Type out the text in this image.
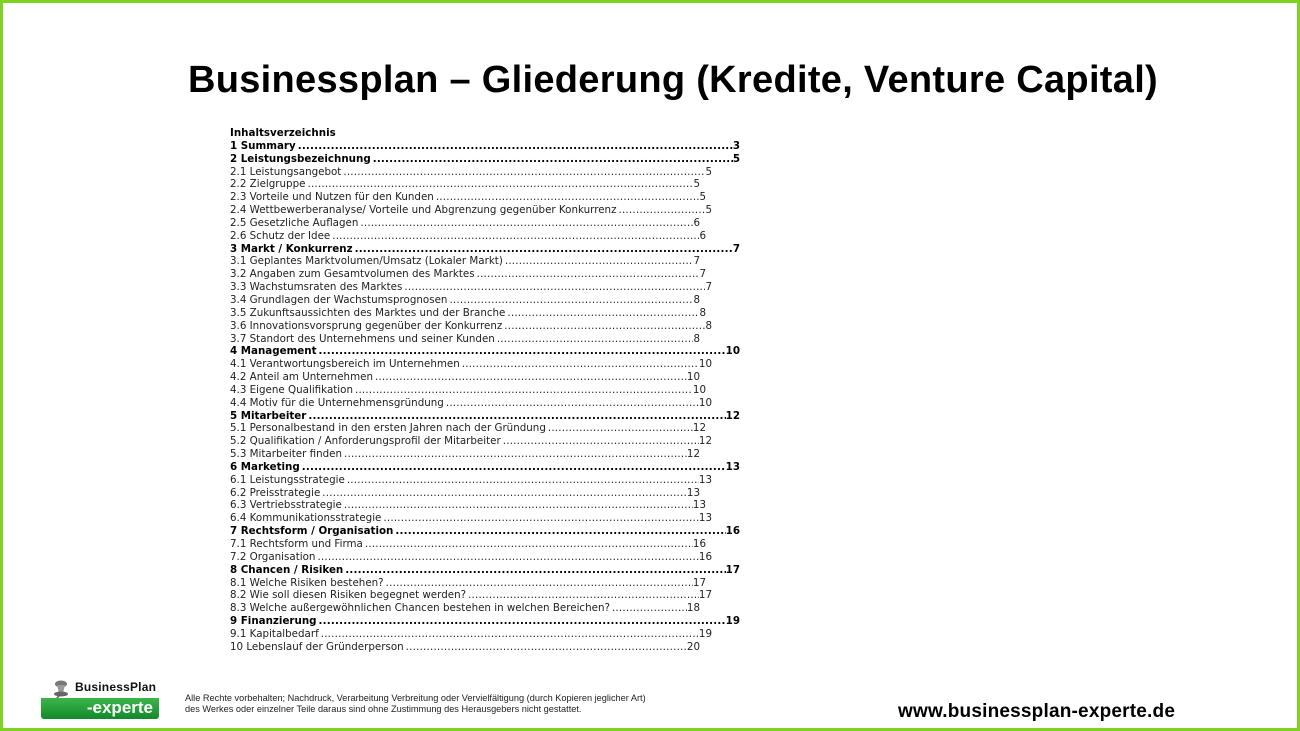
Businessplan – Gliederung (Kredite, Venture Capital)
Inhaltsverzeichnis
1 Summary .....	3
2 Leistungsbezeichnung .....	5
2.1 Leistungsangebot .....	5
2.2 Zielgruppe .....	5
2.3 Vorteile und Nutzen für den Kunden .....	5
2.4 Wettbewerberanalyse/ Vorteile und Abgrenzung gegenüber Konkurrenz .....	5
2.5 Gesetzliche Auflagen .....	6
2.6 Schutz der Idee .....	6
3 Markt / Konkurrenz .....	7
3.1 Geplantes Marktvolumen/Umsatz (Lokaler Markt) .....	7
3.2 Angaben zum Gesamtvolumen des Marktes .....	7
3.3 Wachstumsraten des Marktes .....	7
3.4 Grundlagen der Wachstumsprognosen .....	8
3.5 Zukunftsaussichten des Marktes und der Branche .....	8
3.6 Innovationsvorsprung gegenüber der Konkurrenz .....	8
3.7 Standort des Unternehmens und seiner Kunden .....	8
4 Management .....	10
4.1 Verantwortungsbereich im Unternehmen .....	10
4.2 Anteil am Unternehmen .....	10
4.3 Eigene Qualifikation .....	10
4.4 Motiv für die Unternehmensgründung .....	10
5 Mitarbeiter .....	12
5.1 Personalbestand in den ersten Jahren nach der Gründung .....	12
5.2 Qualifikation / Anforderungsprofil der Mitarbeiter .....	12
5.3 Mitarbeiter finden .....	12
6 Marketing .....	13
6.1 Leistungsstrategie .....	13
6.2 Preisstrategie .....	13
6.3 Vertriebsstrategie .....	13
6.4 Kommunikationsstrategie .....	13
7 Rechtsform / Organisation .....	16
7.1 Rechtsform und Firma .....	16
7.2 Organisation .....	16
8 Chancen / Risiken .....	17
8.1 Welche Risiken bestehen? .....	17
8.2 Wie soll diesen Risiken begegnet werden? .....	17
8.3 Welche außergewöhnlichen Chancen bestehen in welchen Bereichen? .....	18
9 Finanzierung .....	19
9.1 Kapitalbedarf .....	19
10 Lebenslauf der Gründerperson .....	20
BusinessPlan
-experte	Alle Rechte vorbehalten; Nachdruck, Verarbeitung Verbreitung oder Vervielfältigung (durch Kopieren jeglicher Art)
des Werkes oder einzelner Teile daraus sind ohne Zustimmung des Herausgebers nicht gestattet.	www.businessplan-experte.de
